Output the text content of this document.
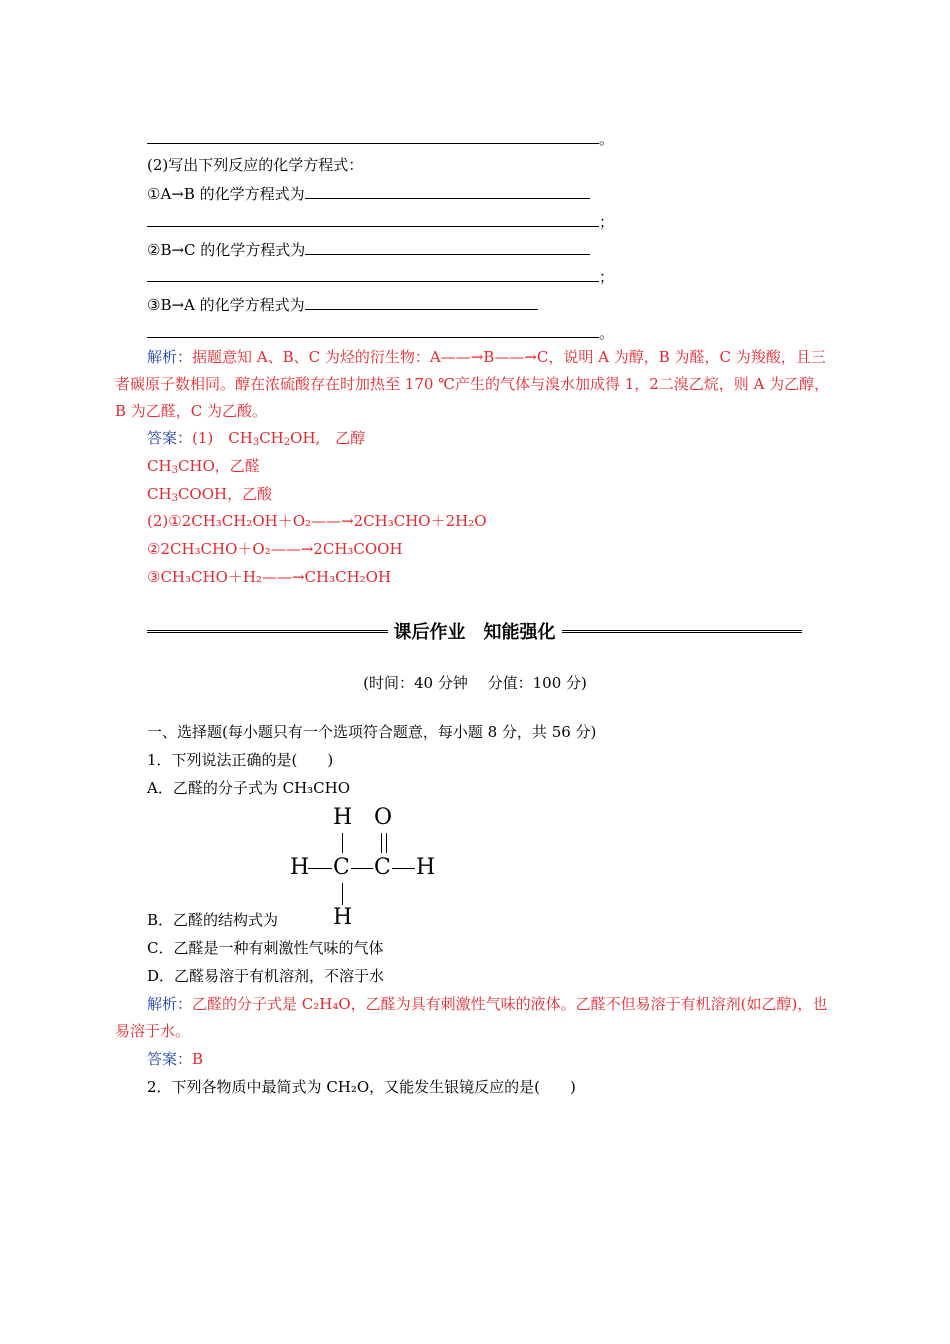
。
(2)写出下列反应的化学方程式：
①A→B 的化学方程式为
；
②B→C 的化学方程式为
；
③B→A 的化学方程式为
。
解析：据题意知 A、B、C 为烃的衍生物：A——→B——→C，说明 A 为醇，B 为醛，C 为羧酸，且三者碳原子数相同。醇在浓硫酸存在时加热至 170 ℃产生的气体与溴水加成得 1，2二溴乙烷，则 A 为乙醇，B 为乙醛，C 为乙酸。
答案：(1)　$CH_3CH_2OH$,　乙醇
$CH_3CHO$，乙醛
$CH_3COOH$，乙酸
(2)①2CH₃CH₂OH＋O₂——→2CH₃CHO＋2H₂O
②2CH₃CHO＋O₂——→2CH₃COOH
③CH₃CHO＋H₂——→CH₃CH₂OH
课后作业　知能强化
(时间：40 分钟　 分值：100 分)
一、选择题(每小题只有一个选项符合题意，每小题 8 分，共 56 分)
1．下列说法正确的是(　　)
A．乙醛的分子式为 CH₃CHO
H O
H C C H
H
B．乙醛的结构式为
C．乙醛是一种有刺激性气味的气体
D．乙醛易溶于有机溶剂，不溶于水
解析：乙醛的分子式是 C₂H₄O，乙醛为具有刺激性气味的液体。乙醛不但易溶于有机溶剂(如乙醇)，也易溶于水。
答案：B
2．下列各物质中最简式为 CH₂O，又能发生银镜反应的是(　　)
